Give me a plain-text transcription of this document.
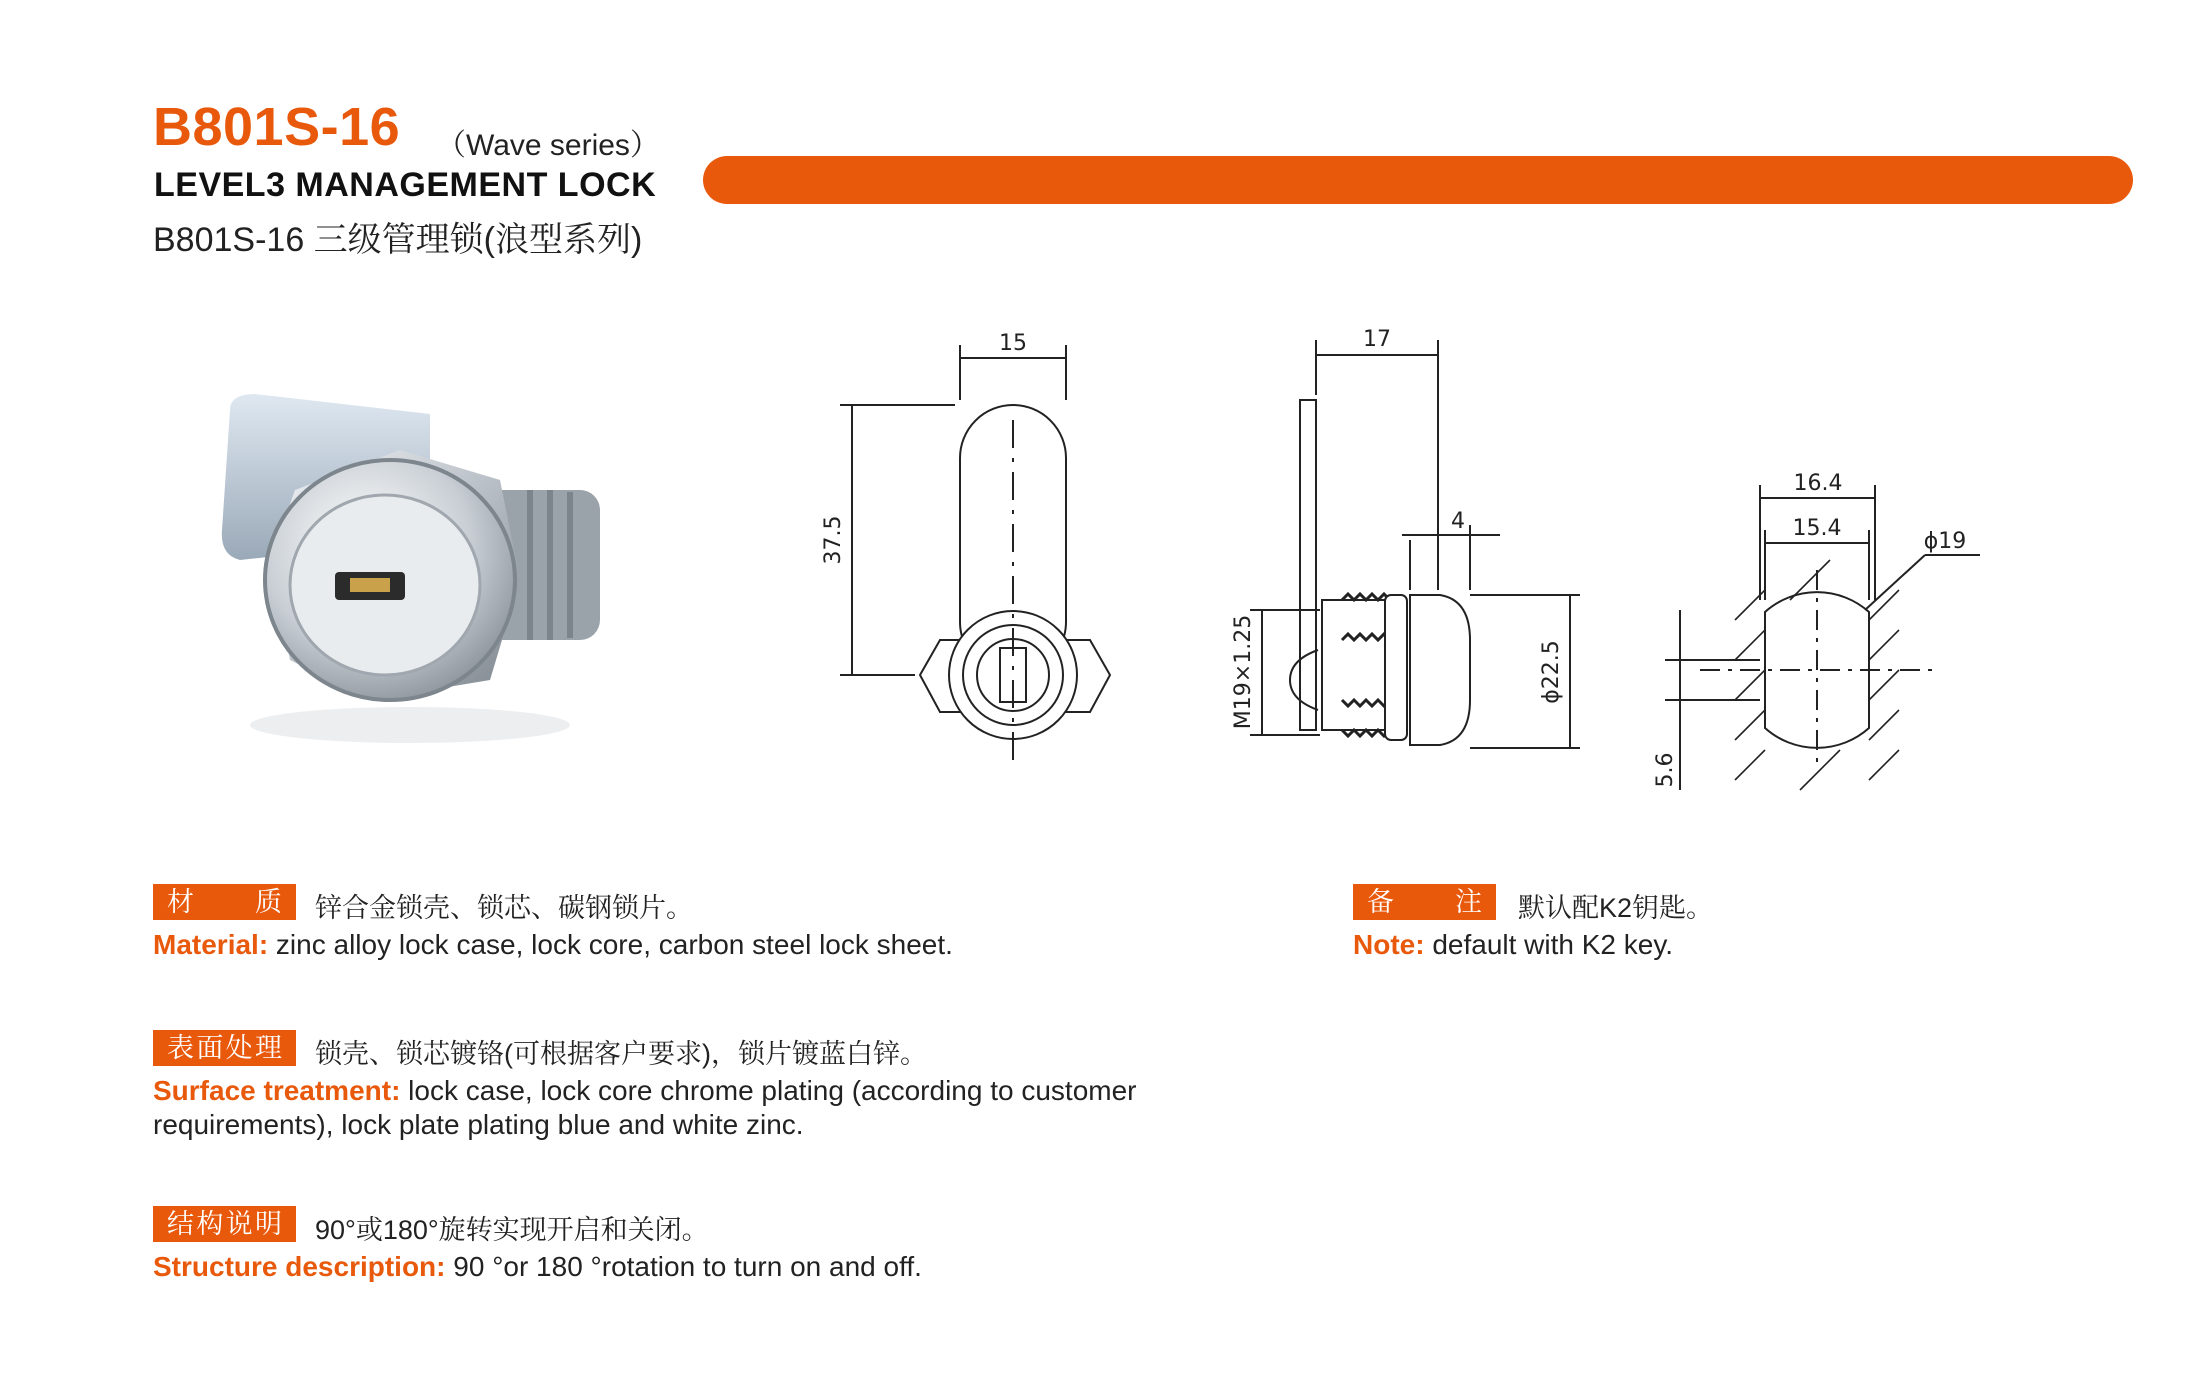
B801S-16 （Wave series）
LEVEL3 MANAGEMENT LOCK
B801S-16 三级管理锁(浪型系列)
15
37.5
17
4
M19×1.25	ϕ22.5
16.4
15.4
ϕ19
5.6
材 质	锌合金锁壳、锁芯、碳钢锁片。
Material: zinc alloy lock case, lock core, carbon steel lock sheet.
表面处理	锁壳、锁芯镀铬(可根据客户要求)，锁片镀蓝白锌。
Surface treatment: lock case, lock core chrome plating (according to customer
requirements), lock plate plating blue and white zinc.
结构说明	90°或180°旋转实现开启和关闭。
Structure description: 90 °or 180 °rotation to turn on and off.
备 注	默认配K2钥匙。
Note: default with K2 key.
